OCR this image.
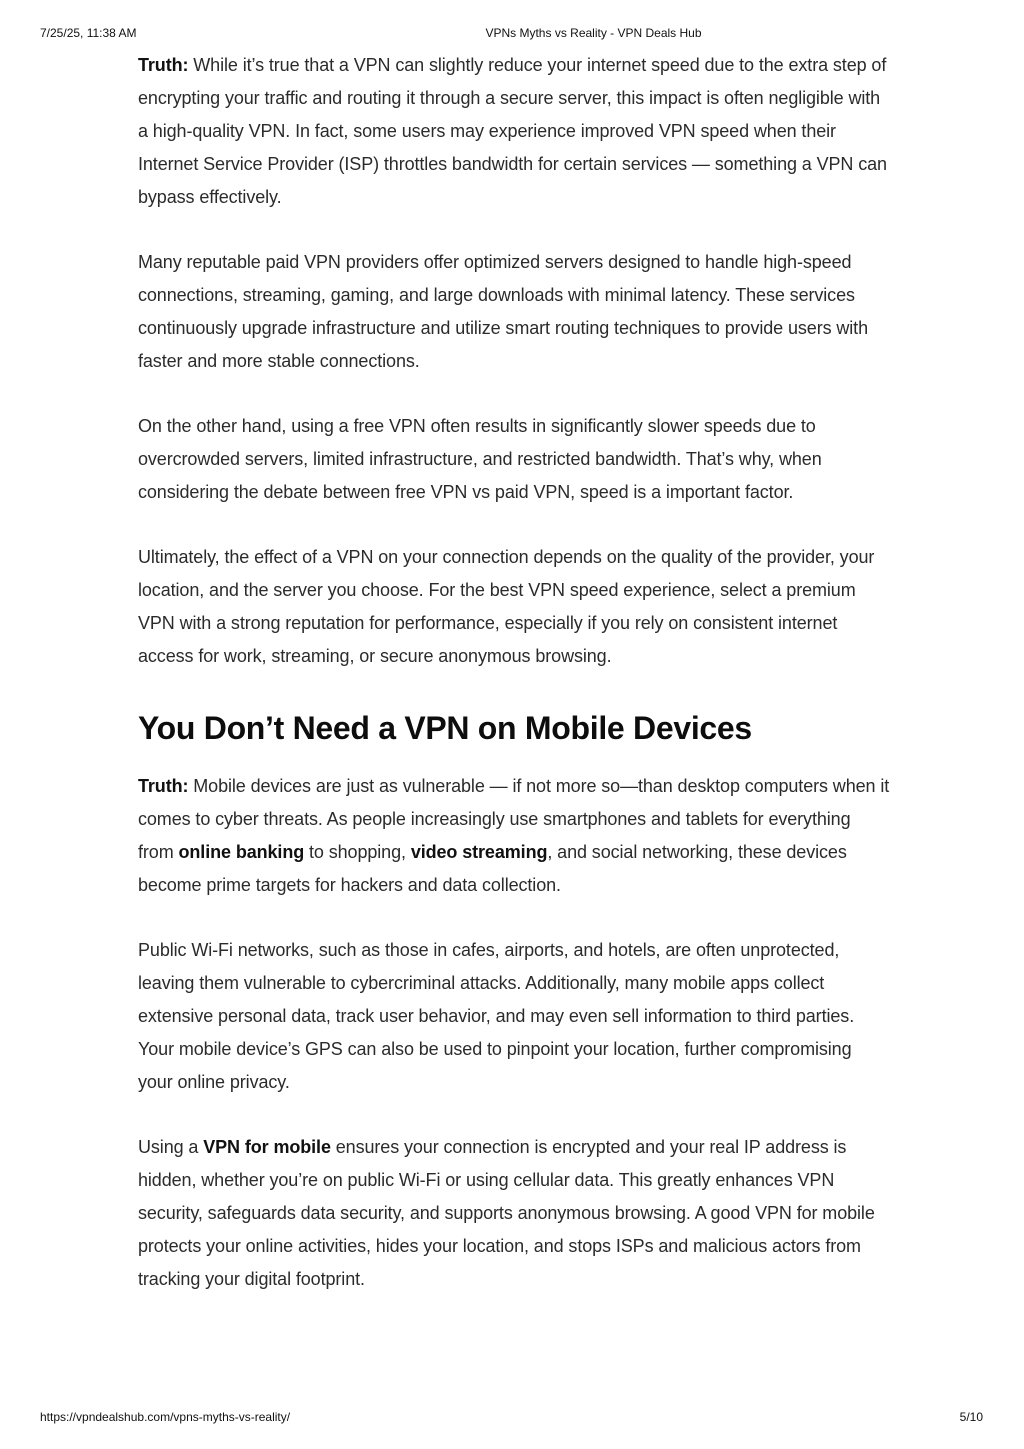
7/25/25, 11:38 AM	VPNs Myths vs Reality - VPN Deals Hub

Truth: While it’s true that a VPN can slightly reduce your internet speed due to the extra step of encrypting your traffic and routing it through a secure server, this impact is often negligible with a high-quality VPN. In fact, some users may experience improved VPN speed when their Internet Service Provider (ISP) throttles bandwidth for certain services — something a VPN can bypass effectively.

Many reputable paid VPN providers offer optimized servers designed to handle high-speed connections, streaming, gaming, and large downloads with minimal latency. These services continuously upgrade infrastructure and utilize smart routing techniques to provide users with faster and more stable connections.

On the other hand, using a free VPN often results in significantly slower speeds due to overcrowded servers, limited infrastructure, and restricted bandwidth. That’s why, when considering the debate between free VPN vs paid VPN, speed is a important factor.

Ultimately, the effect of a VPN on your connection depends on the quality of the provider, your location, and the server you choose. For the best VPN speed experience, select a premium VPN with a strong reputation for performance, especially if you rely on consistent internet access for work, streaming, or secure anonymous browsing.

You Don’t Need a VPN on Mobile Devices

Truth: Mobile devices are just as vulnerable — if not more so—than desktop computers when it comes to cyber threats. As people increasingly use smartphones and tablets for everything from online banking to shopping, video streaming, and social networking, these devices become prime targets for hackers and data collection.

Public Wi-Fi networks, such as those in cafes, airports, and hotels, are often unprotected, leaving them vulnerable to cybercriminal attacks. Additionally, many mobile apps collect extensive personal data, track user behavior, and may even sell information to third parties. Your mobile device’s GPS can also be used to pinpoint your location, further compromising your online privacy.

Using a VPN for mobile ensures your connection is encrypted and your real IP address is hidden, whether you’re on public Wi-Fi or using cellular data. This greatly enhances VPN security, safeguards data security, and supports anonymous browsing. A good VPN for mobile protects your online activities, hides your location, and stops ISPs and malicious actors from tracking your digital footprint.

https://vpndealshub.com/vpns-myths-vs-reality/	5/10
